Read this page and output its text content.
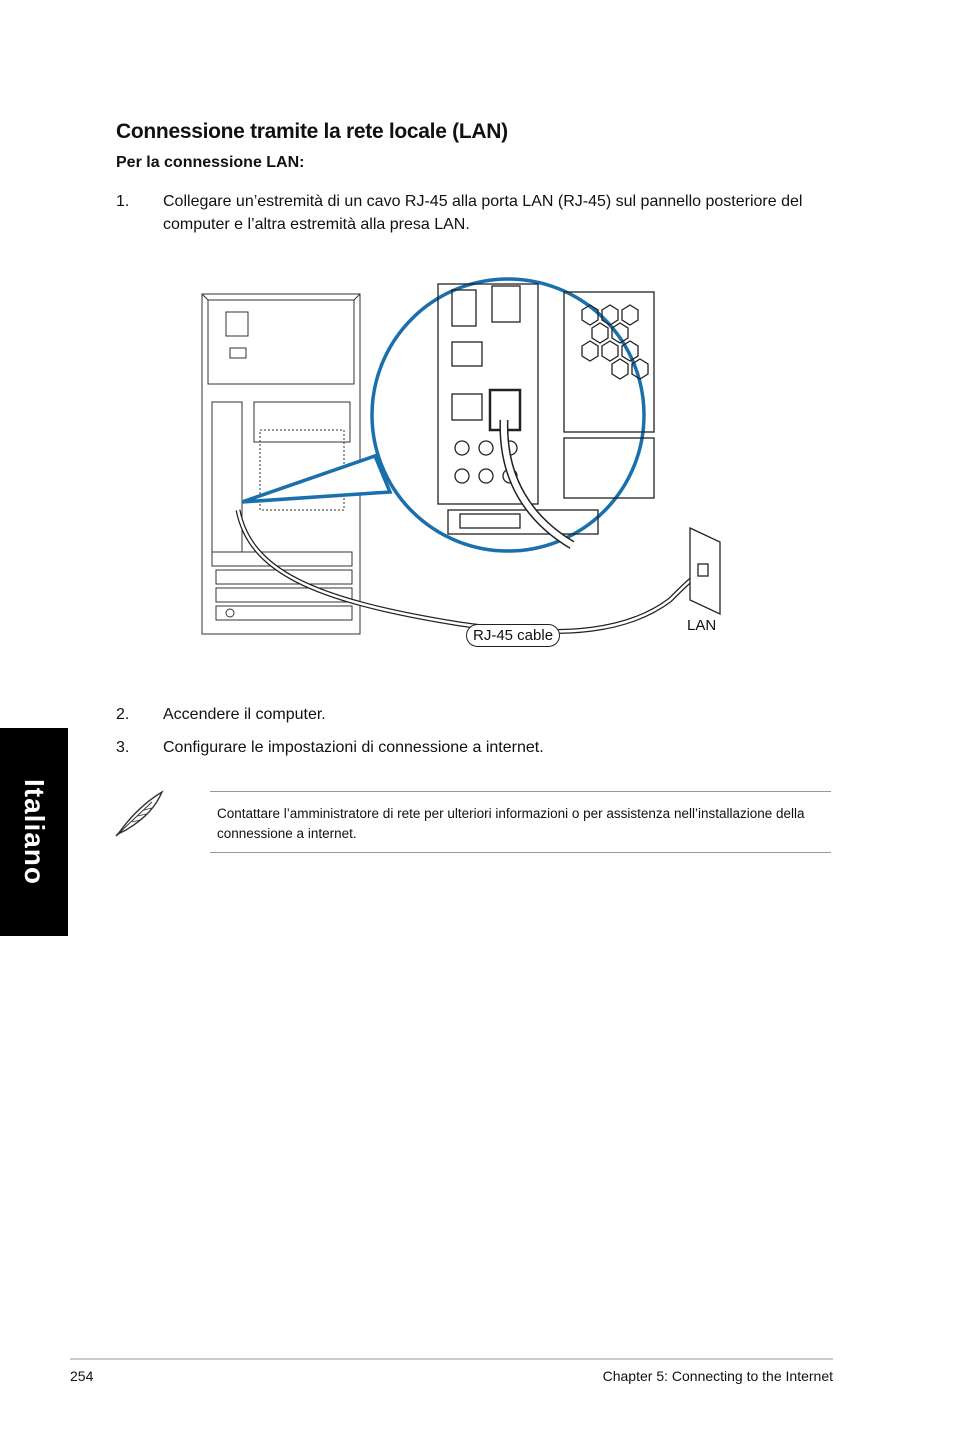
Italiano
Connessione tramite la rete locale (LAN)
Per la connessione LAN:
1. Collegare un’estremità di un cavo RJ-45 alla porta LAN (RJ-45) sul pannello posteriore del computer e l’altra estremità alla presa LAN.
RJ-45 cable
LAN
2. Accendere il computer.
3. Configurare le impostazioni di connessione a internet.

Contattare l’amministratore di rete per ulteriori informazioni o per assistenza nell’installazione della connessione a internet.

254	Chapter 5: Connecting to the Internet
